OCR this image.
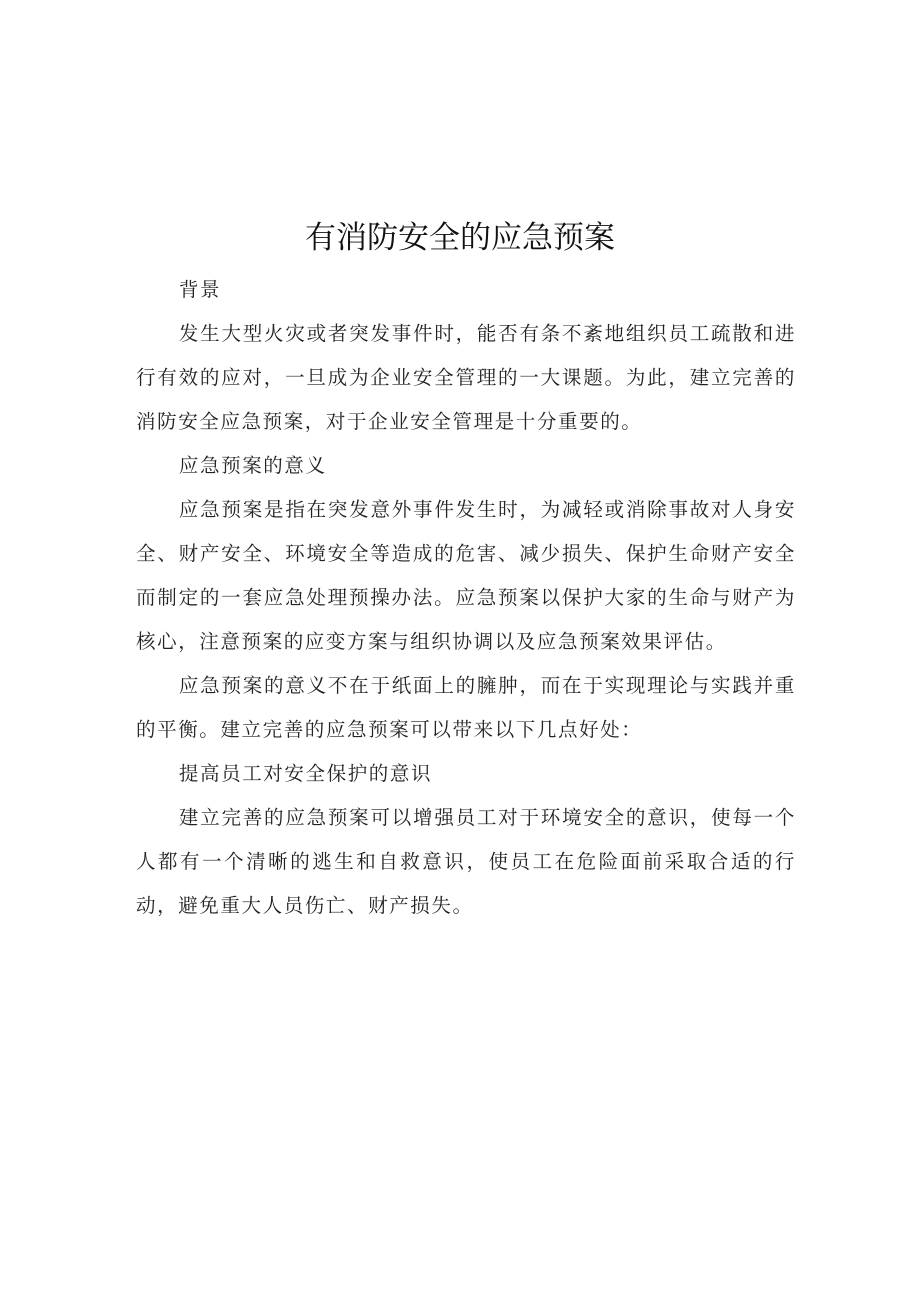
有消防安全的应急预案

背景

发生大型火灾或者突发事件时，能否有条不紊地组织员工疏散和进行有效的应对，一旦成为企业安全管理的一大课题。为此，建立完善的消防安全应急预案，对于企业安全管理是十分重要的。

应急预案的意义

应急预案是指在突发意外事件发生时，为减轻或消除事故对人身安全、财产安全、环境安全等造成的危害、减少损失、保护生命财产安全而制定的一套应急处理预操办法。应急预案以保护大家的生命与财产为核心，注意预案的应变方案与组织协调以及应急预案效果评估。

应急预案的意义不在于纸面上的臃肿，而在于实现理论与实践并重的平衡。建立完善的应急预案可以带来以下几点好处：

提高员工对安全保护的意识

建立完善的应急预案可以增强员工对于环境安全的意识，使每一个人都有一个清晰的逃生和自救意识，使员工在危险面前采取合适的行动，避免重大人员伤亡、财产损失。
